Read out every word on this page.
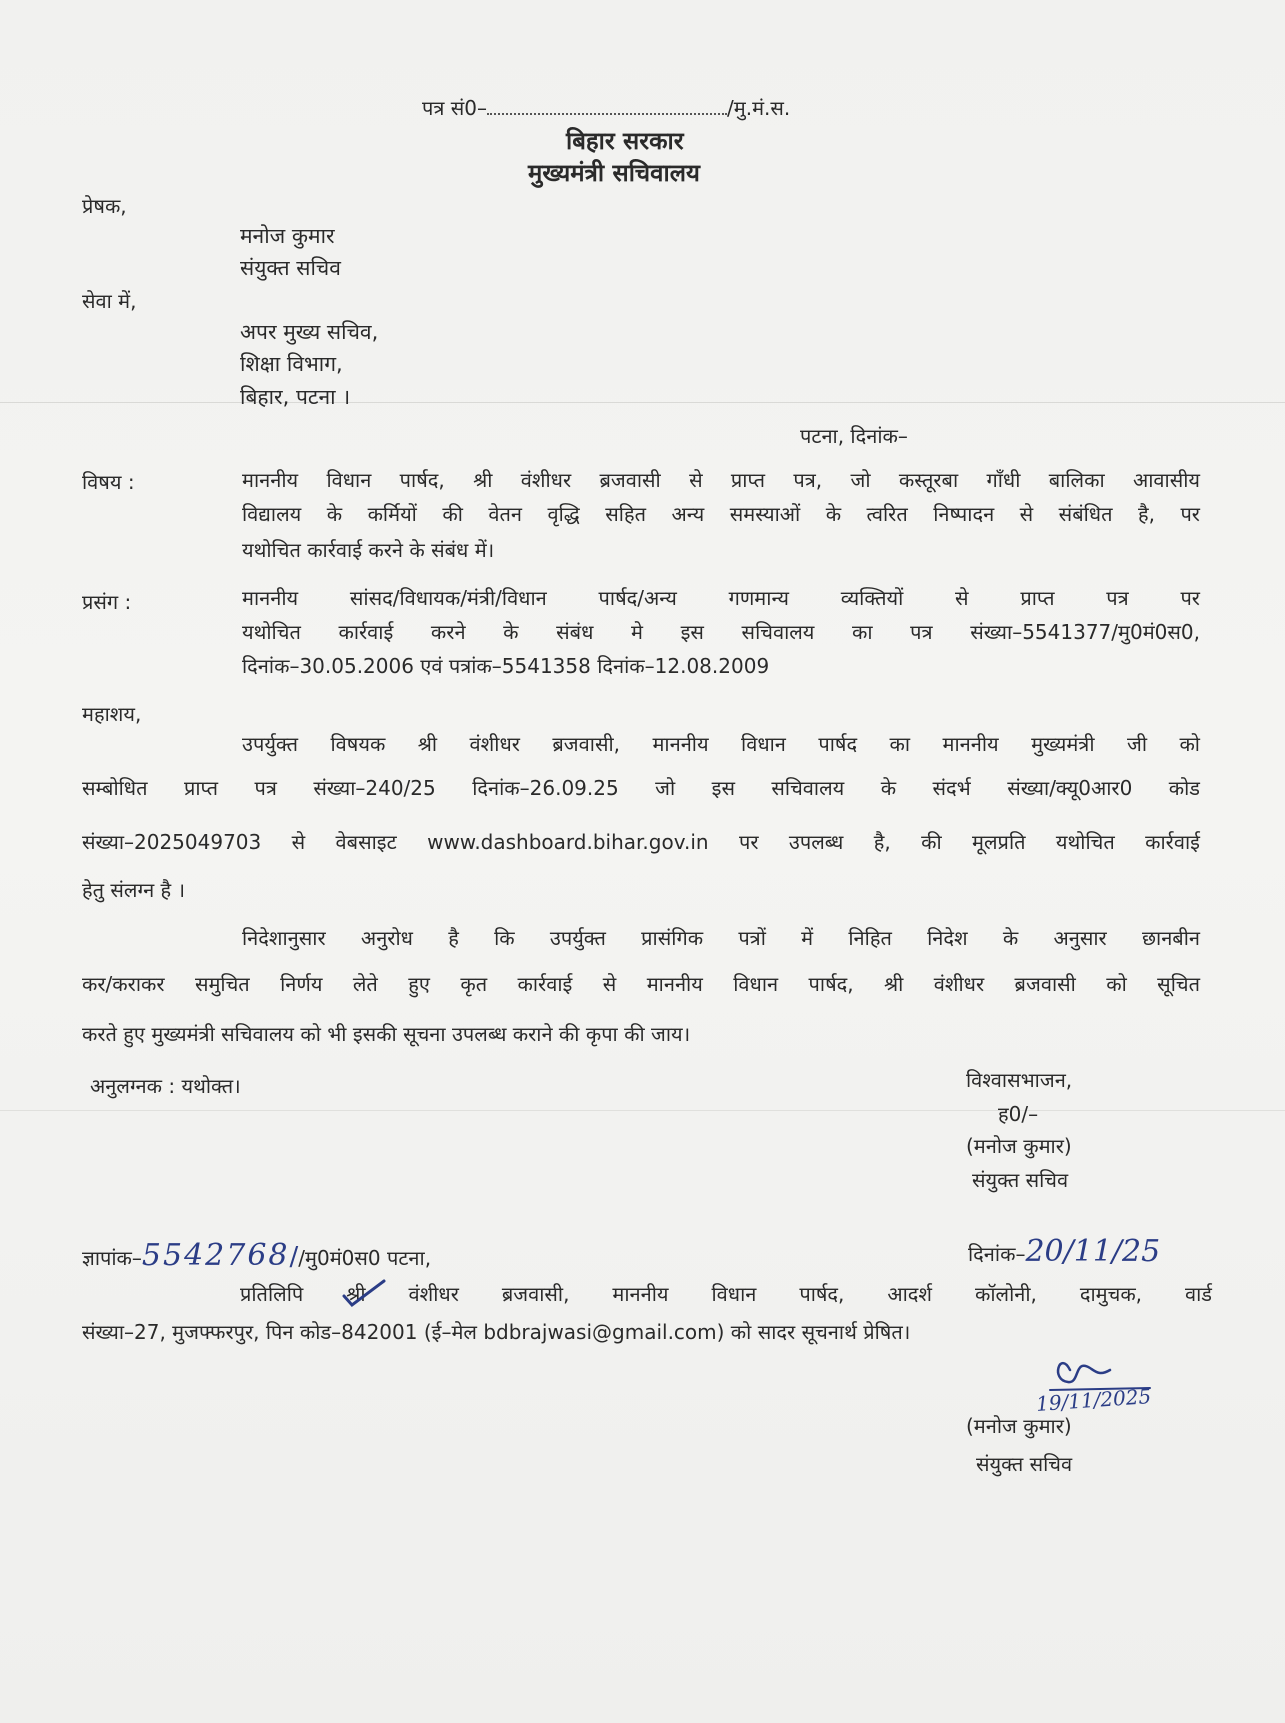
पत्र सं0–	/मु.मं.स.
बिहार सरकार
मुख्यमंत्री सचिवालय
प्रेषक,
मनोज कुमार
संयुक्त सचिव
सेवा में,
अपर मुख्य सचिव,
शिक्षा विभाग,
बिहार, पटना ।
पटना, दिनांक–
विषय :	माननीय विधान पार्षद, श्री वंशीधर ब्रजवासी से प्राप्त पत्र, जो कस्तूरबा गाँधी बालिका आवासीय
विद्यालय के कर्मियों की वेतन वृद्धि सहित अन्य समस्याओं के त्वरित निष्पादन से संबंधित है, पर
यथोचित कार्रवाई करने के संबंध में।
प्रसंग :	माननीय सांसद/विधायक/मंत्री/विधान पार्षद/अन्य गणमान्य व्यक्तियों से प्राप्त पत्र पर
यथोचित कार्रवाई करने के संबंध मे इस सचिवालय का पत्र संख्या–5541377/मु0मं0स0,
दिनांक–30.05.2006 एवं पत्रांक–5541358 दिनांक–12.08.2009
महाशय,
उपर्युक्त विषयक श्री वंशीधर ब्रजवासी, माननीय विधान पार्षद का माननीय मुख्यमंत्री जी को
सम्बोधित प्राप्त पत्र संख्या–240/25 दिनांक–26.09.25 जो इस सचिवालय के संदर्भ संख्या/क्यू0आर0 कोड
संख्या–2025049703 से वेबसाइट www.dashboard.bihar.gov.in पर उपलब्ध है, की मूलप्रति यथोचित कार्रवाई
हेतु संलग्न है ।
निदेशानुसार अनुरोध है कि उपर्युक्त प्रासंगिक पत्रों में निहित निदेश के अनुसार छानबीन
कर/कराकर समुचित निर्णय लेते हुए कृत कार्रवाई से माननीय विधान पार्षद, श्री वंशीधर ब्रजवासी को सूचित
करते हुए मुख्यमंत्री सचिवालय को भी इसकी सूचना उपलब्ध कराने की कृपा की जाय।
अनुलग्नक : यथोक्त।	विश्वासभाजन,
ह0/–
(मनोज कुमार)
संयुक्त सचिव
ज्ञापांक–5542768//मु0मं0स0 पटना,	दिनांक–20/11/25
प्रतिलिपि श्री वंशीधर ब्रजवासी, माननीय विधान पार्षद, आदर्श कॉलोनी, दामुचक, वार्ड
संख्या–27, मुजफ्फरपुर, पिन कोड–842001 (ई–मेल bdbrajwasi@gmail.com) को सादर सूचनार्थ प्रेषित।
19/11/2025
(मनोज कुमार)
संयुक्त सचिव
